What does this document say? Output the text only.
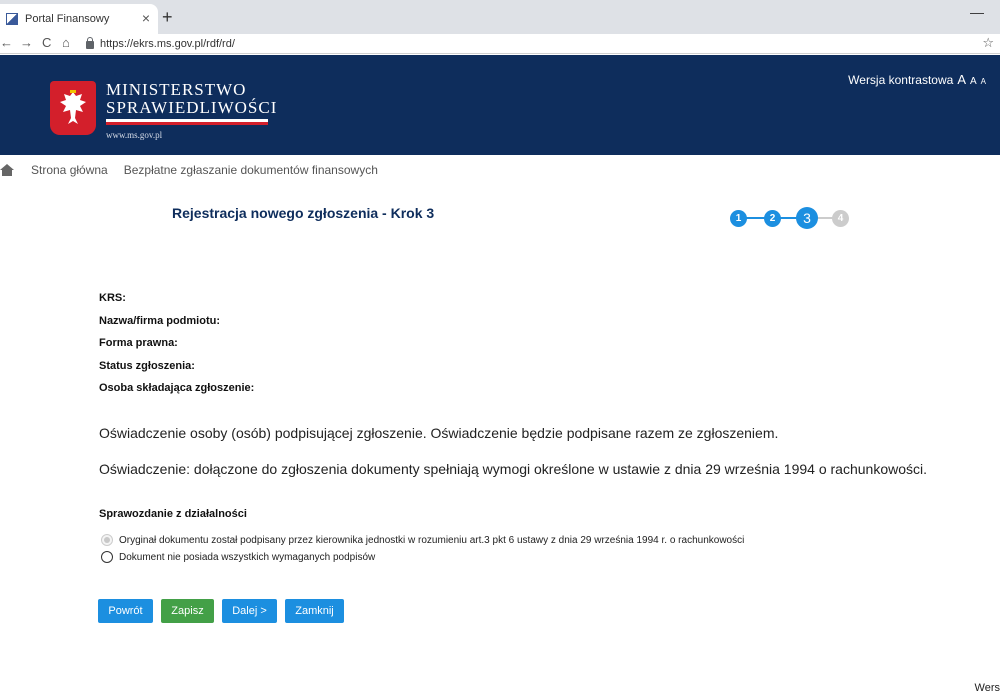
Portal Finansowy × +	—
← → C ⌂	https://ekrs.ms.gov.pl/rdf/rd/	☆
MINISTERSTWO
SPRAWIEDLIWOŚCI
www.ms.gov.pl
Wersja kontrastowa A A A
Strona główna Bezpłatne zgłaszanie dokumentów finansowych
Rejestracja nowego zgłoszenia - Krok 3	1	2	3	4
KRS:
Nazwa/firma podmiotu:
Forma prawna:
Status zgłoszenia:
Osoba składająca zgłoszenie:
Oświadczenie osoby (osób) podpisującej zgłoszenie. Oświadczenie będzie podpisane razem ze zgłoszeniem.
Oświadczenie: dołączone do zgłoszenia dokumenty spełniają wymogi określone w ustawie z dnia 29 września 1994 o rachunkowości.
Sprawozdanie z działalności
Oryginał dokumentu został podpisany przez kierownika jednostki w rozumieniu art.3 pkt 6 ustawy z dnia 29 września 1994 r. o rachunkowości
Dokument nie posiada wszystkich wymaganych podpisów
Powrót	Zapisz	Dalej >	Zamknij
Wers
